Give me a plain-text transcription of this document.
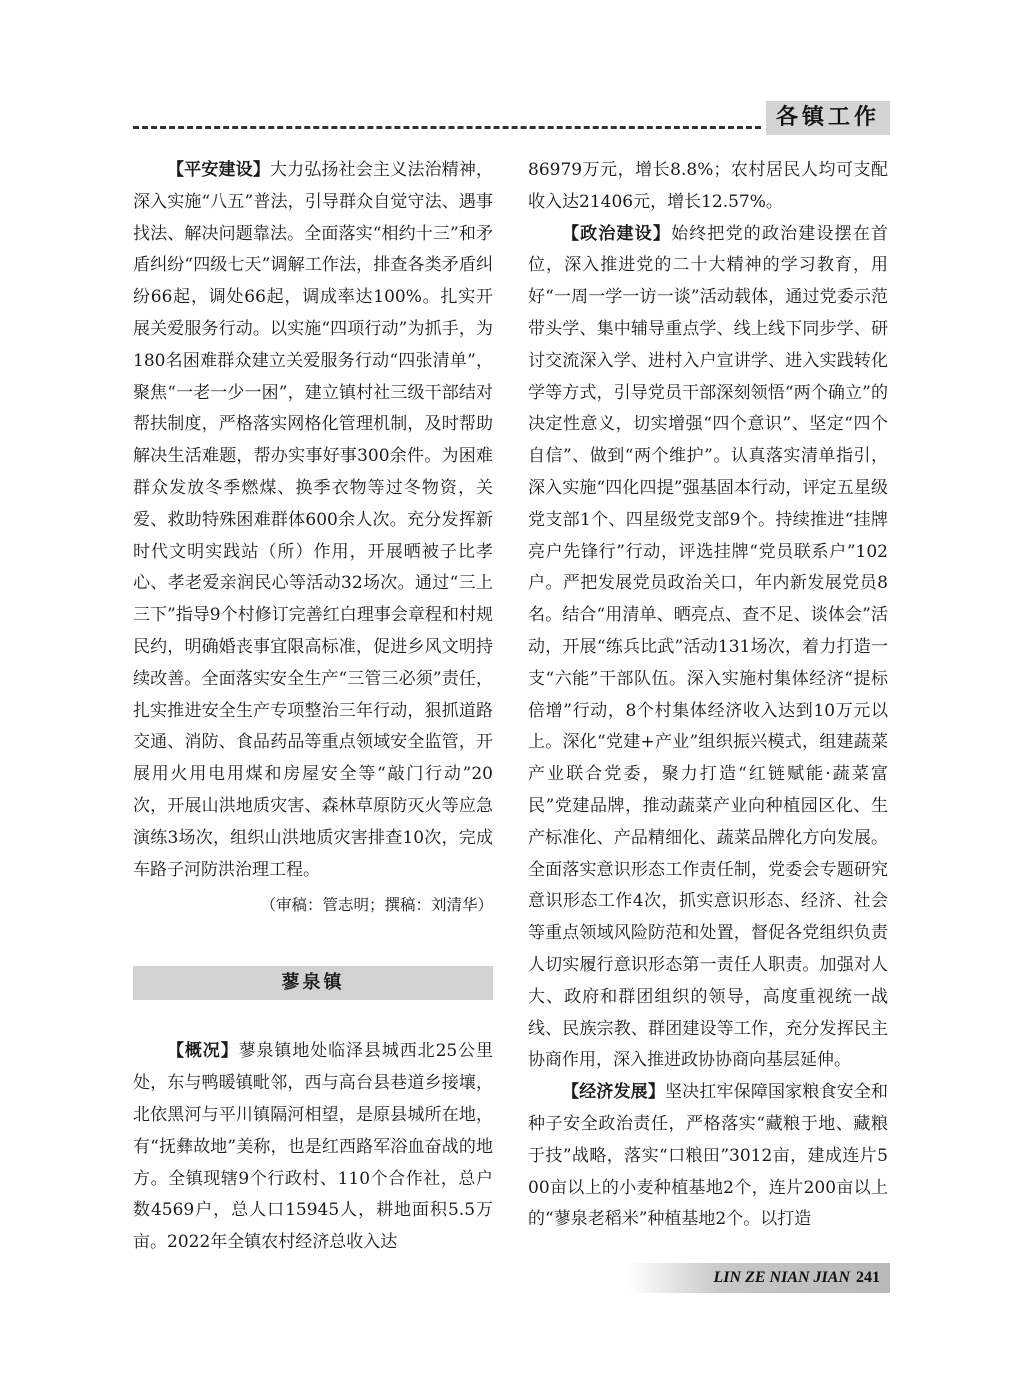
各镇工作

【平安建设】大力弘扬社会主义法治精神，深入实施“八五”普法，引导群众自觉守法、遇事找法、解决问题靠法。全面落实“相约十三”和矛盾纠纷“四级七天”调解工作法，排查各类矛盾纠纷66起，调处66起，调成率达100%。扎实开展关爱服务行动。以实施“四项行动”为抓手，为180名困难群众建立关爱服务行动“四张清单”，聚焦“一老一少一困”，建立镇村社三级干部结对帮扶制度，严格落实网格化管理机制，及时帮助解决生活难题，帮办实事好事300余件。为困难群众发放冬季燃煤、换季衣物等过冬物资，关爱、救助特殊困难群体600余人次。充分发挥新时代文明实践站（所）作用，开展晒被子比孝心、孝老爱亲润民心等活动32场次。通过“三上三下”指导9个村修订完善红白理事会章程和村规民约，明确婚丧事宜限高标准，促进乡风文明持续改善。全面落实安全生产“三管三必须”责任，扎实推进安全生产专项整治三年行动，狠抓道路交通、消防、食品药品等重点领域安全监管，开展用火用电用煤和房屋安全等“敲门行动”20次，开展山洪地质灾害、森林草原防灭火等应急演练3场次，组织山洪地质灾害排查10次，完成车路子河防洪治理工程。

（审稿：管志明；撰稿：刘清华）
蓼泉镇

【概况】蓼泉镇地处临泽县城西北25公里处，东与鸭暖镇毗邻，西与高台县巷道乡接壤，北依黑河与平川镇隔河相望，是原县城所在地，有“抚彝故地”美称，也是红西路军浴血奋战的地方。全镇现辖9个行政村、110个合作社，总户数4569户，总人口15945人，耕地面积5.5万亩。2022年全镇农村经济总收入达

86979万元，增长8.8%；农村居民人均可支配收入达21406元，增长12.57%。

【政治建设】始终把党的政治建设摆在首位，深入推进党的二十大精神的学习教育，用好“一周一学一访一谈”活动载体，通过党委示范带头学、集中辅导重点学、线上线下同步学、研讨交流深入学、进村入户宣讲学、进入实践转化学等方式，引导党员干部深刻领悟“两个确立”的决定性意义，切实增强“四个意识”、坚定“四个自信”、做到“两个维护”。认真落实清单指引，深入实施“四化四提”强基固本行动，评定五星级党支部1个、四星级党支部9个。持续推进“挂牌亮户先锋行”行动，评选挂牌“党员联系户”102户。严把发展党员政治关口，年内新发展党员8名。结合“用清单、晒亮点、查不足、谈体会”活动，开展“练兵比武”活动131场次，着力打造一支“六能”干部队伍。深入实施村集体经济“提标倍增”行动，8个村集体经济收入达到10万元以上。深化“党建+产业”组织振兴模式，组建蔬菜产业联合党委，聚力打造“红链赋能·蔬菜富民”党建品牌，推动蔬菜产业向种植园区化、生产标准化、产品精细化、蔬菜品牌化方向发展。全面落实意识形态工作责任制，党委会专题研究意识形态工作4次，抓实意识形态、经济、社会等重点领域风险防范和处置，督促各党组织负责人切实履行意识形态第一责任人职责。加强对人大、政府和群团组织的领导，高度重视统一战线、民族宗教、群团建设等工作，充分发挥民主协商作用，深入推进政协协商向基层延伸。

【经济发展】坚决扛牢保障国家粮食安全和种子安全政治责任，严格落实“藏粮于地、藏粮于技”战略，落实“口粮田”3012亩，建成连片500亩以上的小麦种植基地2个，连片200亩以上的“蓼泉老稻米”种植基地2个。以打造

LIN ZE NIAN JIAN 241
